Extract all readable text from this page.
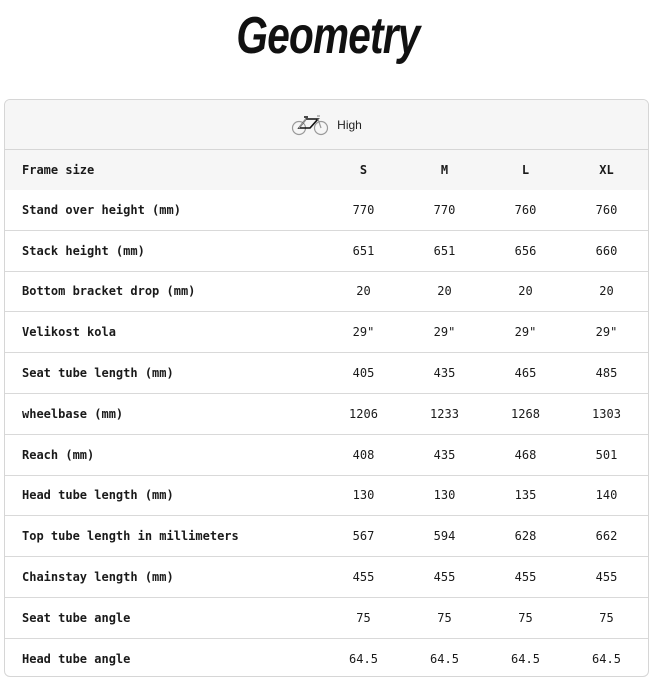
Geometry
High
Frame size	S	M	L	XL
Stand over height (mm)	770	770	760	760
Stack height (mm)	651	651	656	660
Bottom bracket drop (mm)	20	20	20	20
Velikost kola	29"	29"	29"	29"
Seat tube length (mm)	405	435	465	485
wheelbase (mm)	1206	1233	1268	1303
Reach (mm)	408	435	468	501
Head tube length (mm)	130	130	135	140
Top tube length in millimeters	567	594	628	662
Chainstay length (mm)	455	455	455	455
Seat tube angle	75	75	75	75
Head tube angle	64.5	64.5	64.5	64.5
